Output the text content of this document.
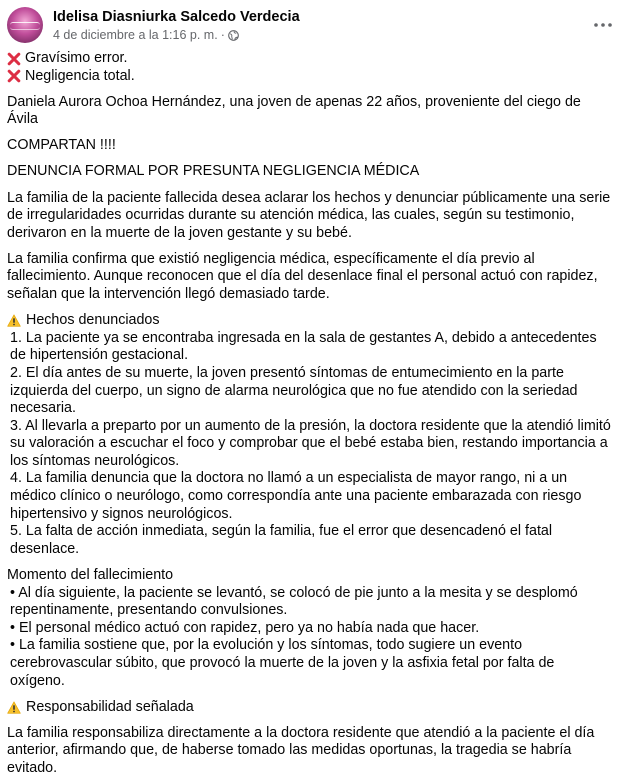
Idelisa Diasniurka Salcedo Verdecia
4 de diciembre a la 1:16 p. m. ·
Gravísimo error.
Negligencia total.

Daniela Aurora Ochoa Hernández, una joven de apenas 22 años, proveniente del ciego de Ávila

COMPARTAN !!!!

DENUNCIA FORMAL POR PRESUNTA NEGLIGENCIA MÉDICA

La familia de la paciente fallecida desea aclarar los hechos y denunciar públicamente una serie de irregularidades ocurridas durante su atención médica, las cuales, según su testimonio, derivaron en la muerte de la joven gestante y su bebé.

La familia confirma que existió negligencia médica, específicamente el día previo al fallecimiento. Aunque reconocen que el día del desenlace final el personal actuó con rapidez, señalan que la intervención llegó demasiado tarde.

Hechos denunciados

1. La paciente ya se encontraba ingresada en la sala de gestantes A, debido a antecedentes de hipertensión gestacional.

2. El día antes de su muerte, la joven presentó síntomas de entumecimiento en la parte izquierda del cuerpo, un signo de alarma neurológica que no fue atendido con la seriedad necesaria.

3. Al llevarla a preparto por un aumento de la presión, la doctora residente que la atendió limitó su valoración a escuchar el foco y comprobar que el bebé estaba bien, restando importancia a los síntomas neurológicos.

4. La familia denuncia que la doctora no llamó a un especialista de mayor rango, ni a un médico clínico o neurólogo, como correspondía ante una paciente embarazada con riesgo hipertensivo y signos neurológicos.

5. La falta de acción inmediata, según la familia, fue el error que desencadenó el fatal desenlace.

Momento del fallecimiento

• Al día siguiente, la paciente se levantó, se colocó de pie junto a la mesita y se desplomó repentinamente, presentando convulsiones.

• El personal médico actuó con rapidez, pero ya no había nada que hacer.

• La familia sostiene que, por la evolución y los síntomas, todo sugiere un evento cerebrovascular súbito, que provocó la muerte de la joven y la asfixia fetal por falta de oxígeno.

Responsabilidad señalada

La familia responsabiliza directamente a la doctora residente que atendió a la paciente el día anterior, afirmando que, de haberse tomado las medidas oportunas, la tragedia se habría evitado.
